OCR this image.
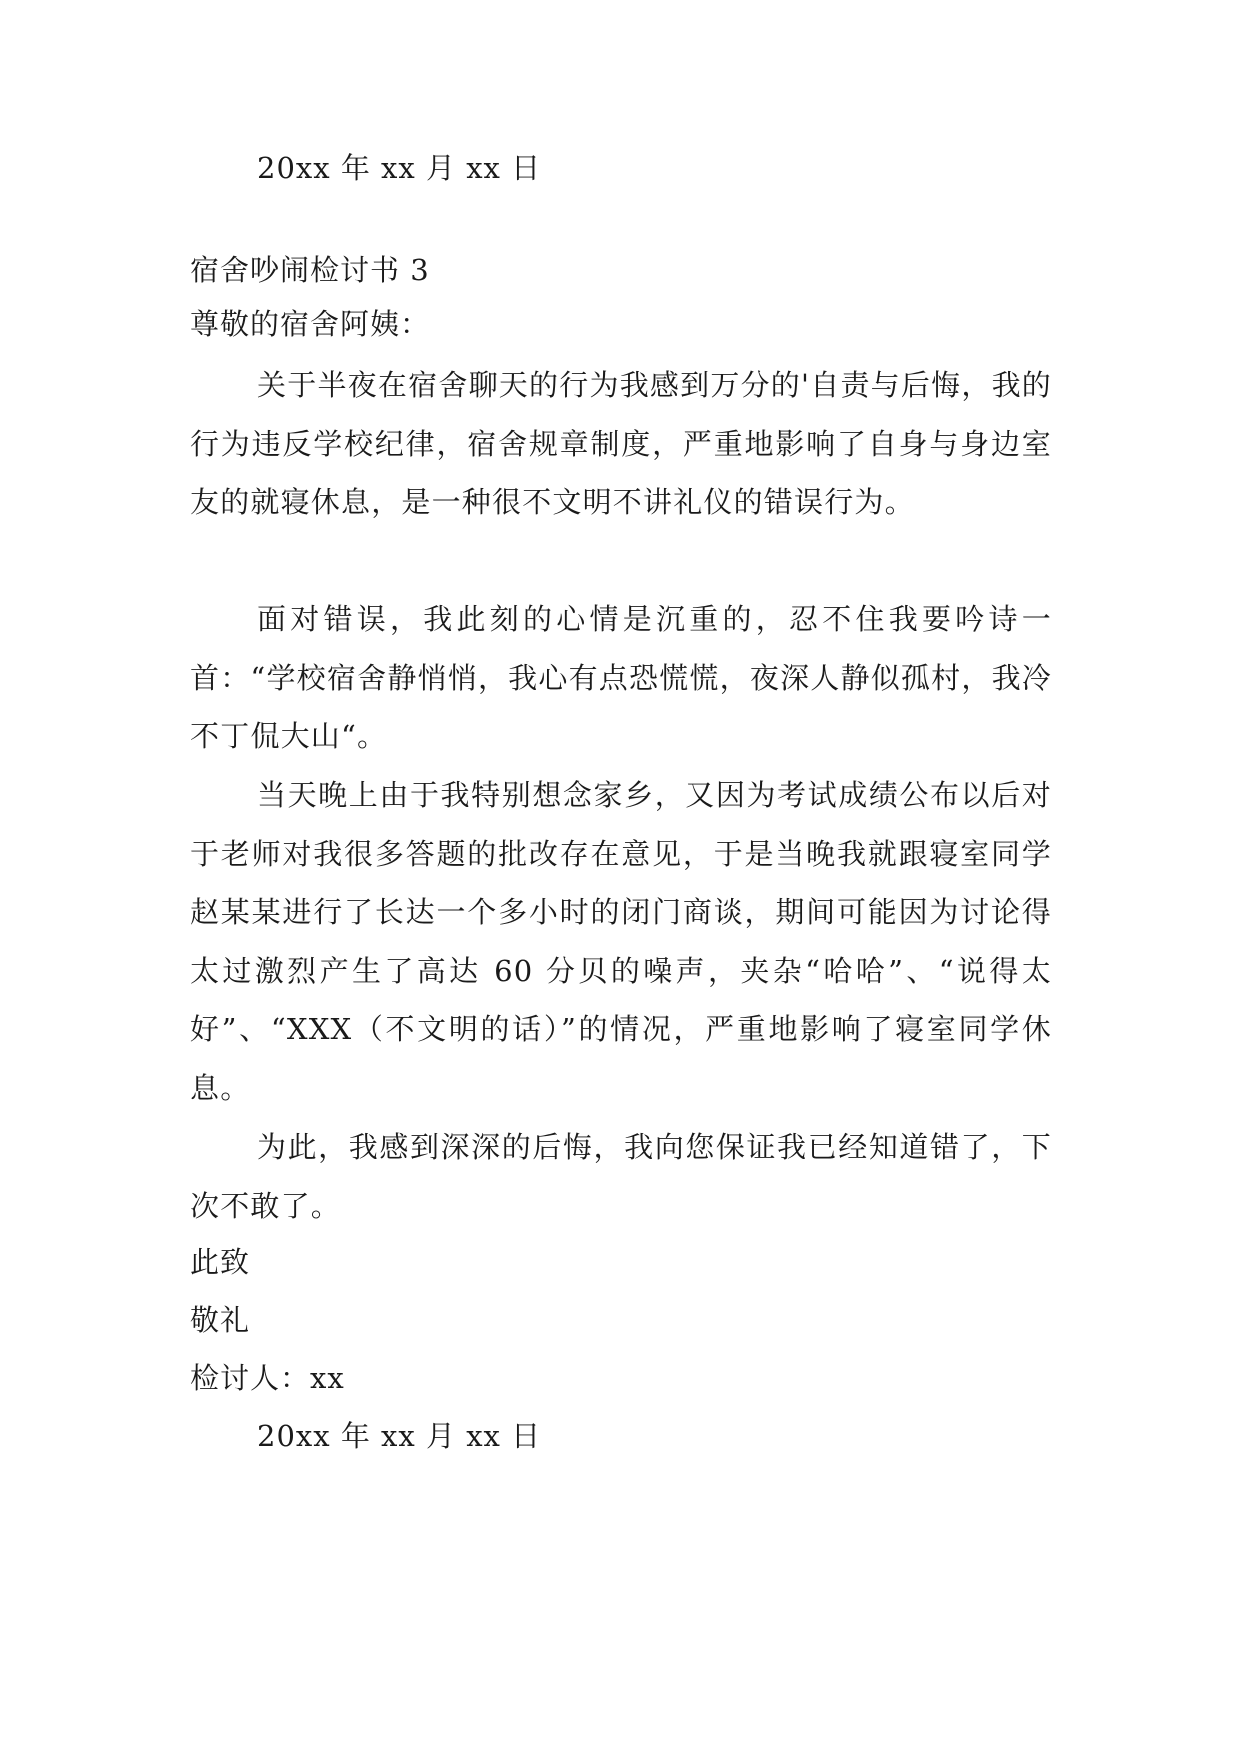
20xx 年 xx 月 xx 日
宿舍吵闹检讨书 3
尊敬的宿舍阿姨：
关于半夜在宿舍聊天的行为我感到万分的'自责与后悔，我的行为违反学校纪律，宿舍规章制度，严重地影响了自身与身边室友的就寝休息，是一种很不文明不讲礼仪的错误行为。
面对错误，我此刻的心情是沉重的，忍不住我要吟诗一首：“学校宿舍静悄悄，我心有点恐慌慌，夜深人静似孤村，我冷不丁侃大山“。
当天晚上由于我特别想念家乡，又因为考试成绩公布以后对于老师对我很多答题的批改存在意见，于是当晚我就跟寝室同学赵某某进行了长达一个多小时的闭门商谈，期间可能因为讨论得太过激烈产生了高达 60 分贝的噪声，夹杂“哈哈”、“说得太好”、“XXX（不文明的话）”的情况，严重地影响了寝室同学休息。
为此，我感到深深的后悔，我向您保证我已经知道错了，下次不敢了。
此致
敬礼
检讨人：xx
20xx 年 xx 月 xx 日
